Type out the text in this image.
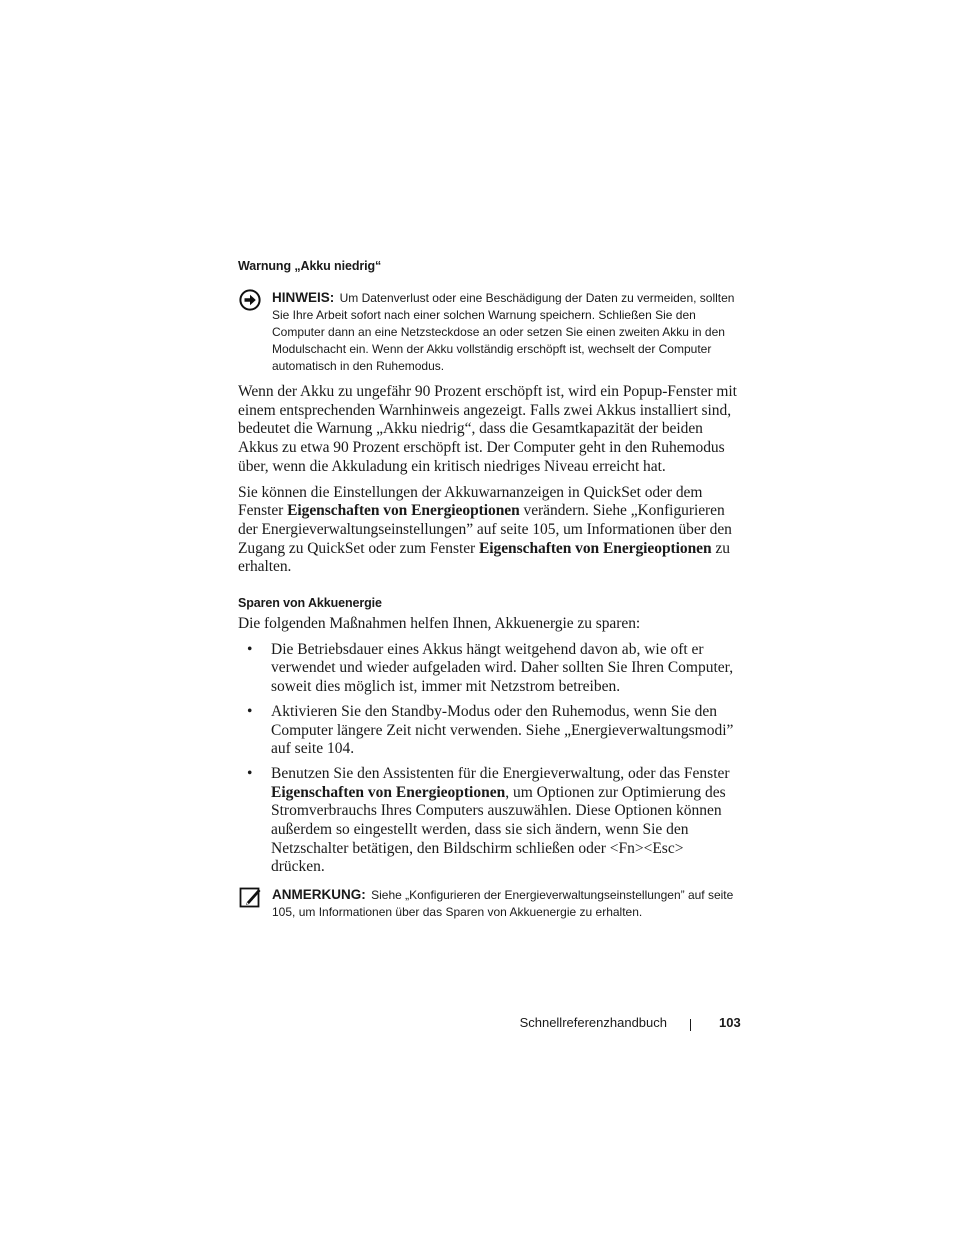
Warnung „Akku niedrig“
HINWEIS: Um Datenverlust oder eine Beschädigung der Daten zu vermeiden, sollten Sie Ihre Arbeit sofort nach einer solchen Warnung speichern. Schließen Sie den Computer dann an eine Netzsteckdose an oder setzen Sie einen zweiten Akku in den Modulschacht ein. Wenn der Akku vollständig erschöpft ist, wechselt der Computer automatisch in den Ruhemodus.

Wenn der Akku zu ungefähr 90 Prozent erschöpft ist, wird ein Popup-Fenster mit einem entsprechenden Warnhinweis angezeigt. Falls zwei Akkus installiert sind, bedeutet die Warnung „Akku niedrig“, dass die Gesamtkapazität der beiden Akkus zu etwa 90 Prozent erschöpft ist. Der Computer geht in den Ruhemodus über, wenn die Akkuladung ein kritisch niedriges Niveau erreicht hat.

Sie können die Einstellungen der Akkuwarnanzeigen in QuickSet oder dem Fenster Eigenschaften von Energieoptionen verändern. Siehe „Konfigurieren der Energieverwaltungseinstellungen” auf seite 105, um Informationen über den Zugang zu QuickSet oder zum Fenster Eigenschaften von Energieoptionen zu erhalten.

Sparen von Akkuenergie

Die folgenden Maßnahmen helfen Ihnen, Akkuenergie zu sparen:

• Die Betriebsdauer eines Akkus hängt weitgehend davon ab, wie oft er verwendet und wieder aufgeladen wird. Daher sollten Sie Ihren Computer, soweit dies möglich ist, immer mit Netzstrom betreiben.
• Aktivieren Sie den Standby-Modus oder den Ruhemodus, wenn Sie den Computer längere Zeit nicht verwenden. Siehe „Energieverwaltungsmodi” auf seite 104.
• Benutzen Sie den Assistenten für die Energieverwaltung, oder das Fenster Eigenschaften von Energieoptionen, um Optionen zur Optimierung des Stromverbrauchs Ihres Computers auszuwählen. Diese Optionen können außerdem so eingestellt werden, dass sie sich ändern, wenn Sie den Netzschalter betätigen, den Bildschirm schließen oder <Fn><Esc> drücken.
ANMERKUNG: Siehe „Konfigurieren der Energieverwaltungseinstellungen” auf seite 105, um Informationen über das Sparen von Akkuenergie zu erhalten.
Schnellreferenzhandbuch	103
